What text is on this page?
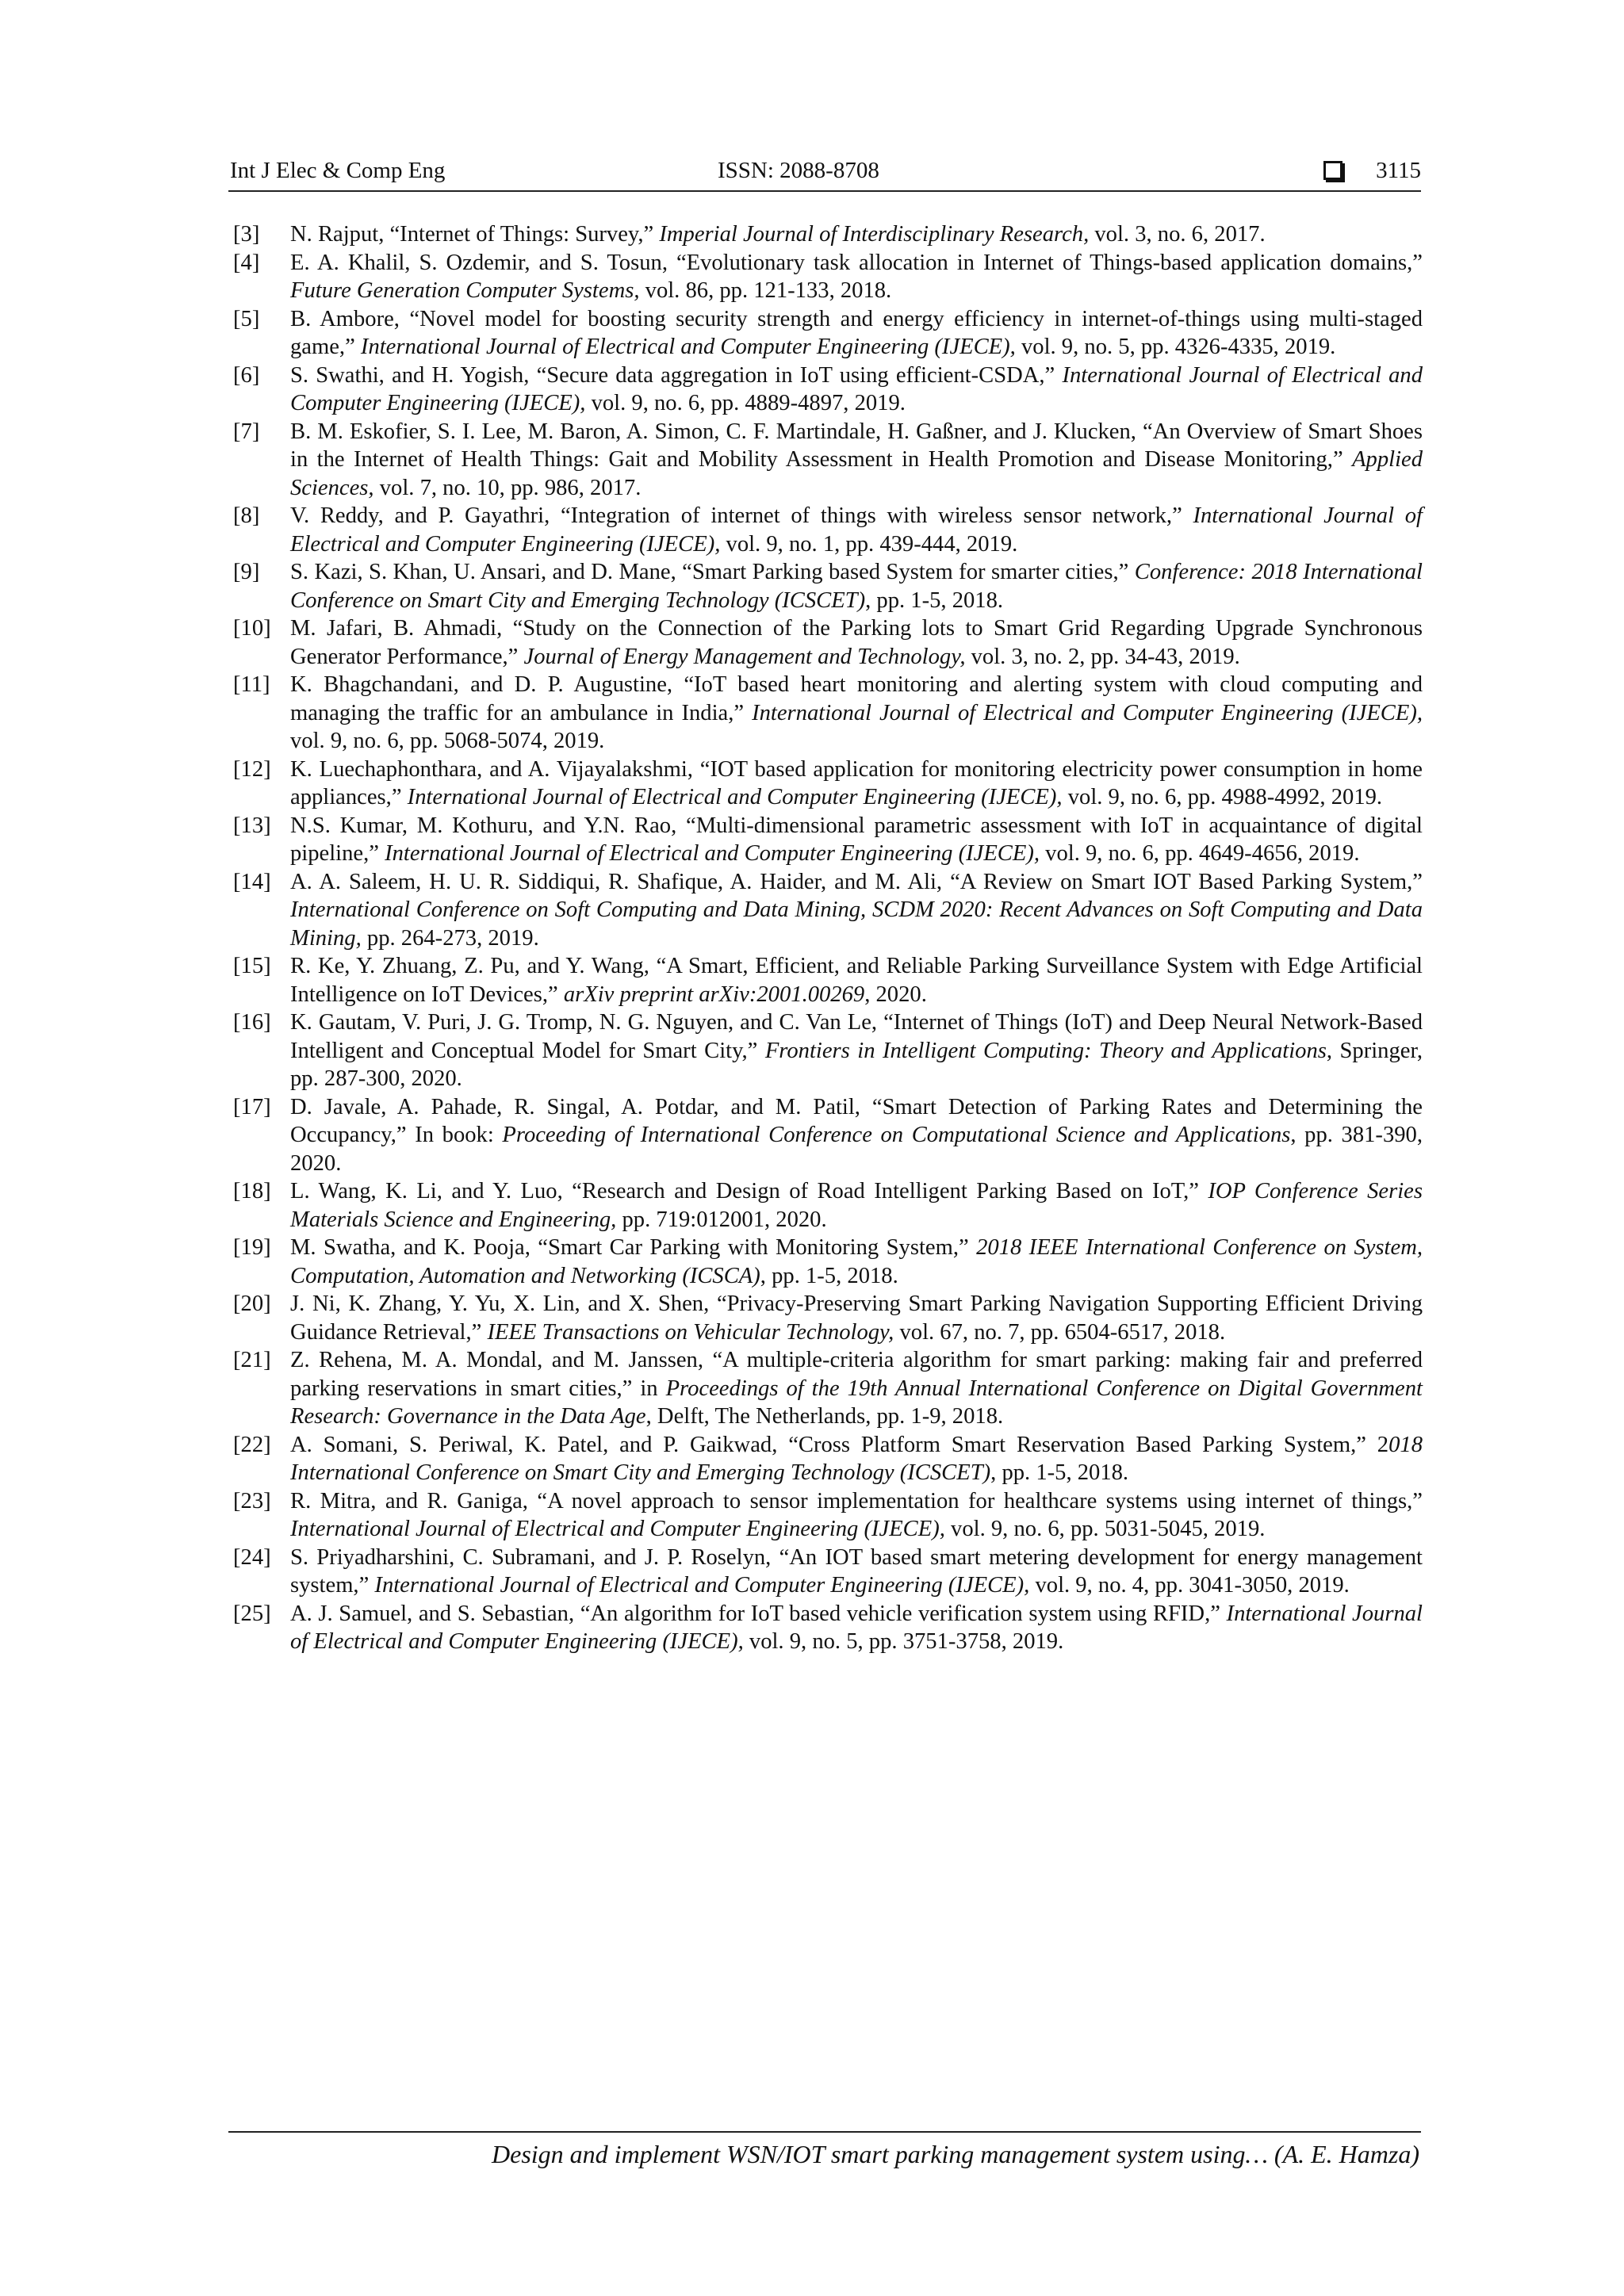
Int J Elec & Comp Eng	ISSN: 2088-8708	3115
[3]	N. Rajput, “Internet of Things: Survey,” Imperial Journal of Interdisciplinary Research, vol. 3, no. 6, 2017.
[4]	E. A. Khalil, S. Ozdemir, and S. Tosun, “Evolutionary task allocation in Internet of Things-based application domains,” Future Generation Computer Systems, vol. 86, pp. 121-133, 2018.
[5]	B. Ambore, “Novel model for boosting security strength and energy efficiency in internet-of-things using multi-staged game,” International Journal of Electrical and Computer Engineering (IJECE), vol. 9, no. 5, pp. 4326-4335, 2019.
[6]	S. Swathi, and H. Yogish, “Secure data aggregation in IoT using efficient-CSDA,” International Journal of Electrical and Computer Engineering (IJECE), vol. 9, no. 6, pp. 4889-4897, 2019.
[7]	B. M. Eskofier, S. I. Lee, M. Baron, A. Simon, C. F. Martindale, H. Gaßner, and J. Klucken, “An Overview of Smart Shoes in the Internet of Health Things: Gait and Mobility Assessment in Health Promotion and Disease Monitoring,” Applied Sciences, vol. 7, no. 10, pp. 986, 2017.
[8]	V. Reddy, and P. Gayathri, “Integration of internet of things with wireless sensor network,” International Journal of Electrical and Computer Engineering (IJECE), vol. 9, no. 1, pp. 439-444, 2019.
[9]	S. Kazi, S. Khan, U. Ansari, and D. Mane, “Smart Parking based System for smarter cities,” Conference: 2018 International Conference on Smart City and Emerging Technology (ICSCET), pp. 1-5, 2018.
[10] M. Jafari, B. Ahmadi, “Study on the Connection of the Parking lots to Smart Grid Regarding Upgrade Synchronous Generator Performance,” Journal of Energy Management and Technology, vol. 3, no. 2, pp. 34-43, 2019.
[11] K. Bhagchandani, and D. P. Augustine, “IoT based heart monitoring and alerting system with cloud computing and managing the traffic for an ambulance in India,” International Journal of Electrical and Computer Engineering (IJECE), vol. 9, no. 6, pp. 5068-5074, 2019.
[12] K. Luechaphonthara, and A. Vijayalakshmi, “IOT based application for monitoring electricity power consumption in home appliances,” International Journal of Electrical and Computer Engineering (IJECE), vol. 9, no. 6, pp. 4988-4992, 2019.
[13] N.S. Kumar, M. Kothuru, and Y.N. Rao, “Multi-dimensional parametric assessment with IoT in acquaintance of digital pipeline,” International Journal of Electrical and Computer Engineering (IJECE), vol. 9, no. 6, pp. 4649-4656, 2019.
[14] A. A. Saleem, H. U. R. Siddiqui, R. Shafique, A. Haider, and M. Ali, “A Review on Smart IOT Based Parking System,” International Conference on Soft Computing and Data Mining, SCDM 2020: Recent Advances on Soft Computing and Data Mining, pp. 264-273, 2019.
[15] R. Ke, Y. Zhuang, Z. Pu, and Y. Wang, “A Smart, Efficient, and Reliable Parking Surveillance System with Edge Artificial Intelligence on IoT Devices,” arXiv preprint arXiv:2001.00269, 2020.
[16] K. Gautam, V. Puri, J. G. Tromp, N. G. Nguyen, and C. Van Le, “Internet of Things (IoT) and Deep Neural Network-Based Intelligent and Conceptual Model for Smart City,” Frontiers in Intelligent Computing: Theory and Applications, Springer, pp. 287-300, 2020.
[17] D. Javale, A. Pahade, R. Singal, A. Potdar, and M. Patil, “Smart Detection of Parking Rates and Determining the Occupancy,” In book: Proceeding of International Conference on Computational Science and Applications, pp. 381-390, 2020.
[18] L. Wang, K. Li, and Y. Luo, “Research and Design of Road Intelligent Parking Based on IoT,” IOP Conference Series Materials Science and Engineering, pp. 719:012001, 2020.
[19] M. Swatha, and K. Pooja, “Smart Car Parking with Monitoring System,” 2018 IEEE International Conference on System, Computation, Automation and Networking (ICSCA), pp. 1-5, 2018.
[20] J. Ni, K. Zhang, Y. Yu, X. Lin, and X. Shen, “Privacy-Preserving Smart Parking Navigation Supporting Efficient Driving Guidance Retrieval,” IEEE Transactions on Vehicular Technology, vol. 67, no. 7, pp. 6504-6517, 2018.
[21] Z. Rehena, M. A. Mondal, and M. Janssen, “A multiple-criteria algorithm for smart parking: making fair and preferred parking reservations in smart cities,” in Proceedings of the 19th Annual International Conference on Digital Government Research: Governance in the Data Age, Delft, The Netherlands, pp. 1-9, 2018.
[22] A. Somani, S. Periwal, K. Patel, and P. Gaikwad, “Cross Platform Smart Reservation Based Parking System,” 2018 International Conference on Smart City and Emerging Technology (ICSCET), pp. 1-5, 2018.
[23] R. Mitra, and R. Ganiga, “A novel approach to sensor implementation for healthcare systems using internet of things,” International Journal of Electrical and Computer Engineering (IJECE), vol. 9, no. 6, pp. 5031-5045, 2019.
[24] S. Priyadharshini, C. Subramani, and J. P. Roselyn, “An IOT based smart metering development for energy management system,” International Journal of Electrical and Computer Engineering (IJECE), vol. 9, no. 4, pp. 3041-3050, 2019.
[25] A. J. Samuel, and S. Sebastian, “An algorithm for IoT based vehicle verification system using RFID,” International Journal of Electrical and Computer Engineering (IJECE), vol. 9, no. 5, pp. 3751-3758, 2019.
Design and implement WSN/IOT smart parking management system using… (A. E. Hamza)
